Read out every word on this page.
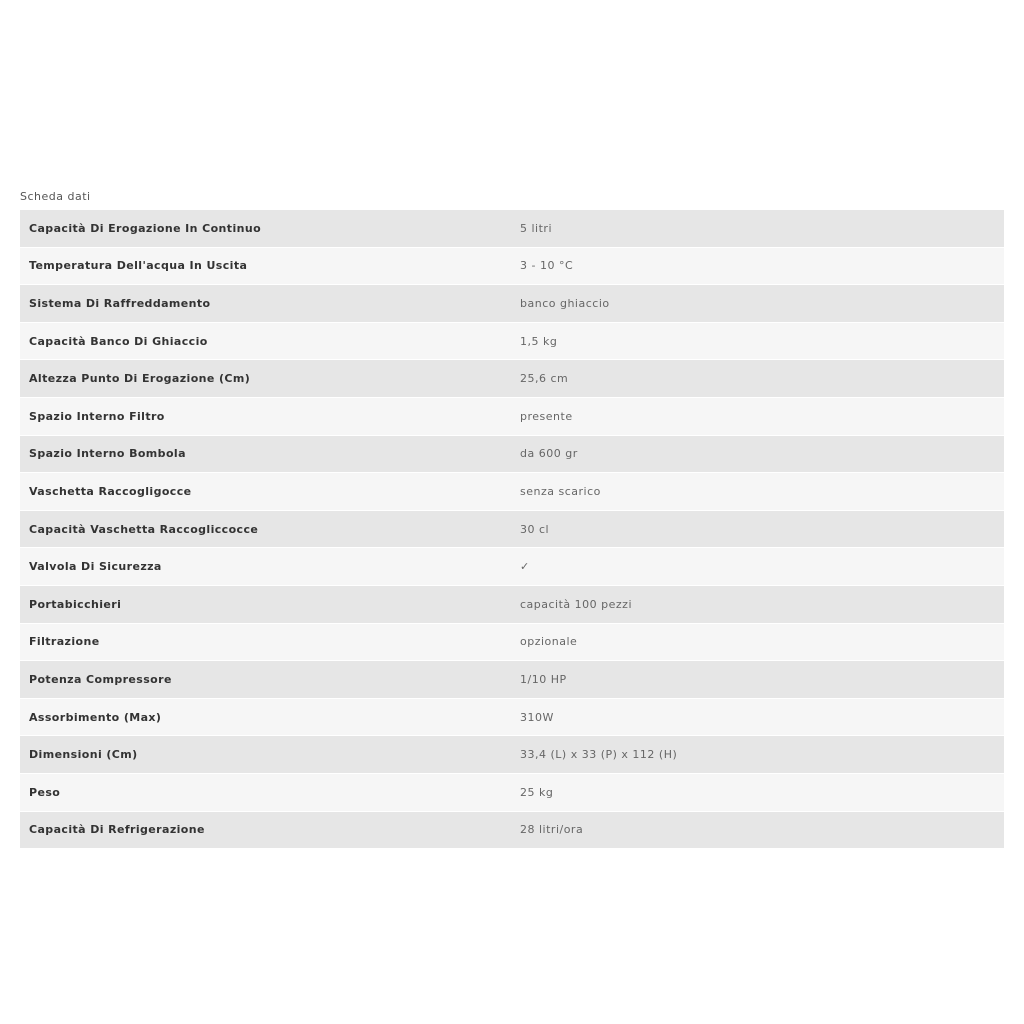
Scheda dati
Capacità Di Erogazione In Continuo	5 litri
Temperatura Dell'acqua In Uscita	3 - 10 °C
Sistema Di Raffreddamento	banco ghiaccio
Capacità Banco Di Ghiaccio	1,5 kg
Altezza Punto Di Erogazione (Cm)	25,6 cm
Spazio Interno Filtro	presente
Spazio Interno Bombola	da 600 gr
Vaschetta Raccogligocce	senza scarico
Capacità Vaschetta Raccogliccocce	30 cl
Valvola Di Sicurezza	✓
Portabicchieri	capacità 100 pezzi
Filtrazione	opzionale
Potenza Compressore	1/10 HP
Assorbimento (Max)	310W
Dimensioni (Cm)	33,4 (L) x 33 (P) x 112 (H)
Peso	25 kg
Capacità Di Refrigerazione	28 litri/ora
